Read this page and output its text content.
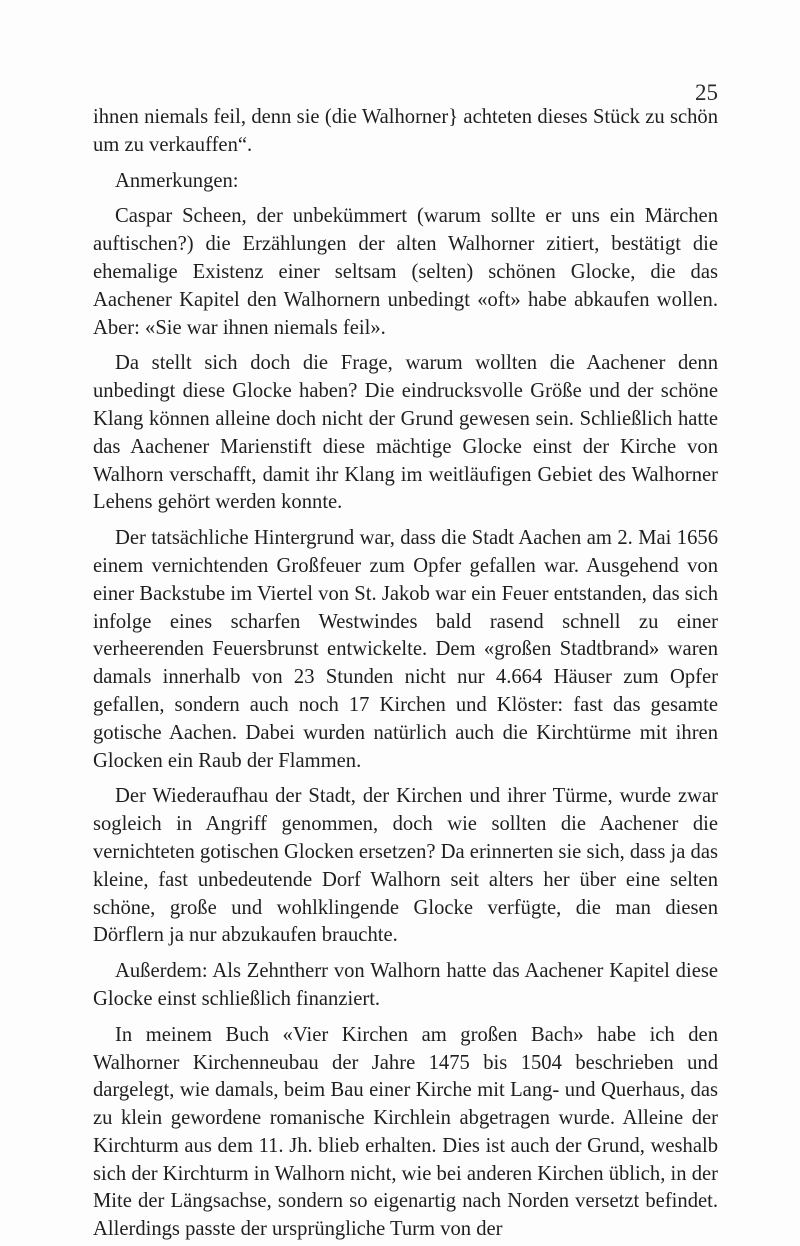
25

ihnen niemals feil, denn sie (die Walhorner} achteten dieses Stück zu schön um zu verkauffen“.

Anmerkungen:

Caspar Scheen, der unbekümmert (warum sollte er uns ein Märchen auftischen?) die Erzählungen der alten Walhorner zitiert, bestätigt die ehemalige Existenz einer seltsam (selten) schönen Glocke, die das Aachener Kapitel den Walhornern unbedingt «oft» habe abkaufen wollen. Aber: «Sie war ihnen niemals feil».

Da stellt sich doch die Frage, warum wollten die Aachener denn unbedingt diese Glocke haben? Die eindrucksvolle Größe und der schöne Klang können alleine doch nicht der Grund gewesen sein. Schließlich hatte das Aachener Marienstift diese mächtige Glocke einst der Kirche von Walhorn verschafft, damit ihr Klang im weitläufigen Gebiet des Walhorner Lehens gehört werden konnte.

Der tatsächliche Hintergrund war, dass die Stadt Aachen am 2. Mai 1656 einem vernichtenden Großfeuer zum Opfer gefallen war. Ausgehend von einer Backstube im Viertel von St. Jakob war ein Feuer entstanden, das sich infolge eines scharfen Westwindes bald rasend schnell zu einer verheerenden Feuersbrunst entwickelte. Dem «großen Stadtbrand» waren damals innerhalb von 23 Stunden nicht nur 4.664 Häuser zum Opfer gefallen, sondern auch noch 17 Kirchen und Klöster: fast das gesamte gotische Aachen. Dabei wurden natürlich auch die Kirchtürme mit ihren Glocken ein Raub der Flammen.

Der Wiederaufhau der Stadt, der Kirchen und ihrer Türme, wurde zwar sogleich in Angriff genommen, doch wie sollten die Aachener die vernichteten gotischen Glocken ersetzen? Da erinnerten sie sich, dass ja das kleine, fast unbedeutende Dorf Walhorn seit alters her über eine selten schöne, große und wohlklingende Glocke verfügte, die man diesen Dörflern ja nur abzukaufen brauchte.

Außerdem: Als Zehntherr von Walhorn hatte das Aachener Kapitel diese Glocke einst schließlich finanziert.

In meinem Buch «Vier Kirchen am großen Bach» habe ich den Walhorner Kirchenneubau der Jahre 1475 bis 1504 beschrieben und dargelegt, wie damals, beim Bau einer Kirche mit Lang- und Querhaus, das zu klein gewordene romanische Kirchlein abgetragen wurde. Alleine der Kirchturm aus dem 11. Jh. blieb erhalten. Dies ist auch der Grund, weshalb sich der Kirchturm in Walhorn nicht, wie bei anderen Kirchen üblich, in der Mite der Längsachse, sondern so eigenartig nach Norden versetzt befindet. Allerdings passte der ursprüngliche Turm von der
